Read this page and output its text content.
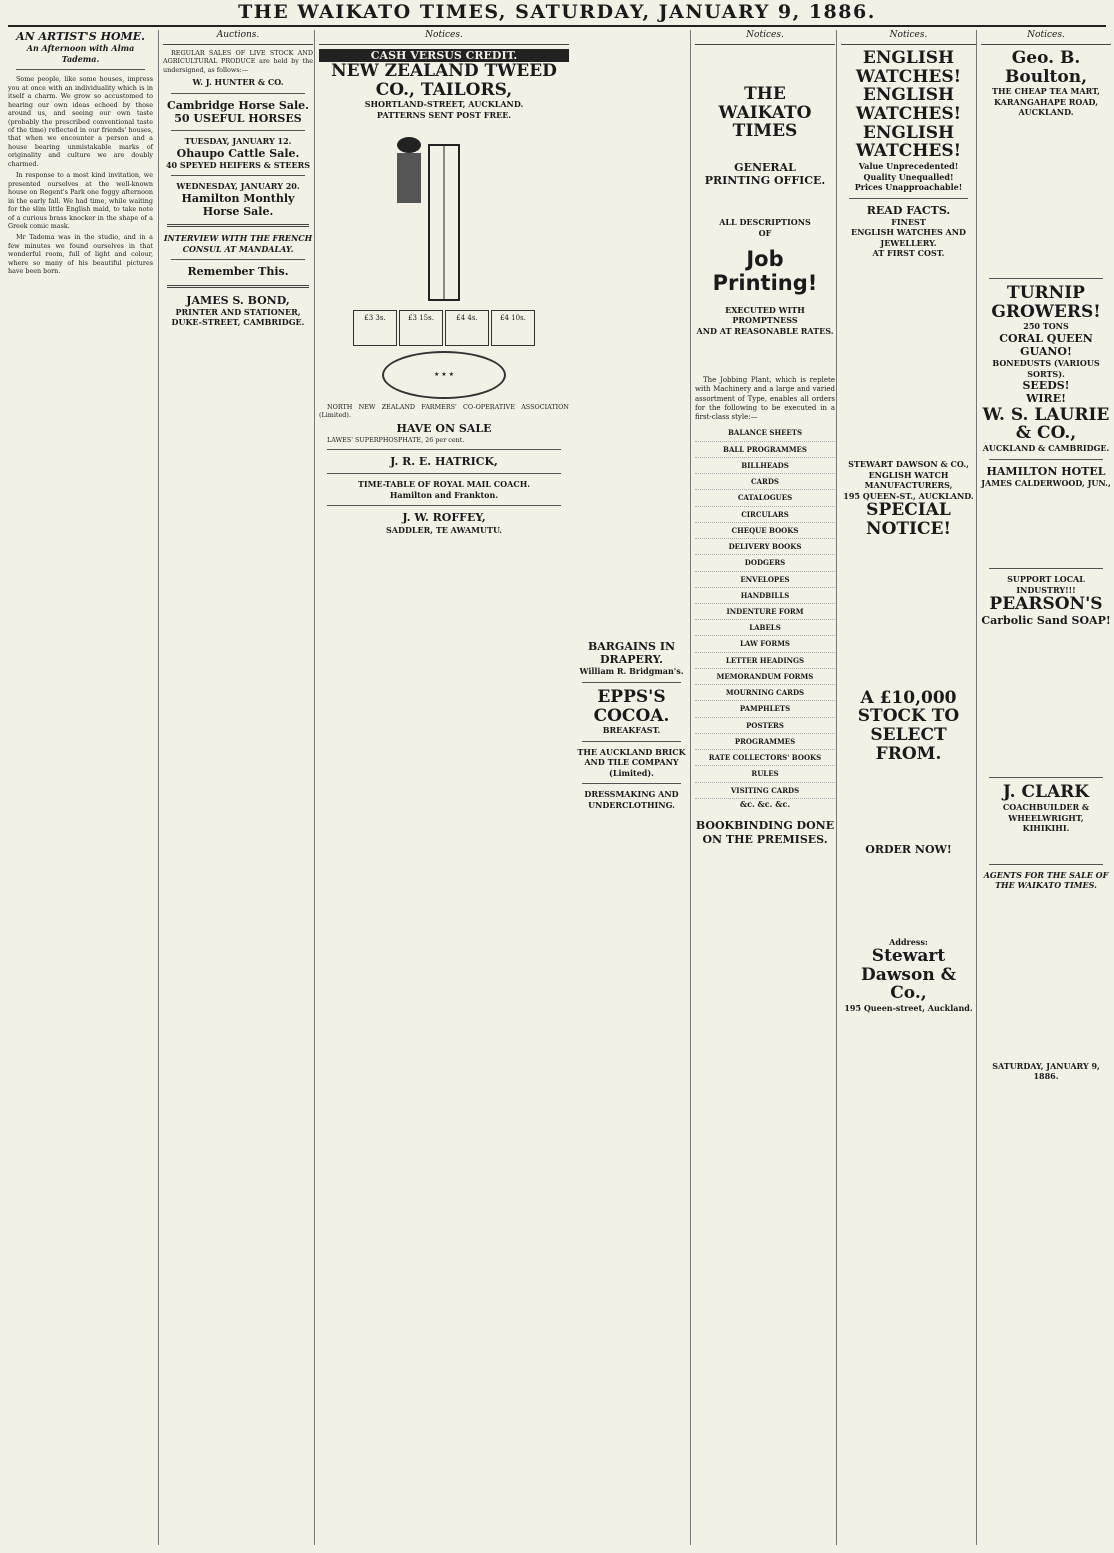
THE WAIKATO TIMES, SATURDAY, JANUARY 9, 1886.
AN ARTIST'S HOME.
An Afternoon with Alma Tadema.

Some people, like some houses, impress you at once with an individuality which is in itself a charm. We grow so accustomed to hearing our own ideas echoed by those around us, and seeing our own taste (probably the prescribed conventional taste of the time) reflected in our friends' houses, that when we encounter a person and a house bearing unmistakable marks of originality and culture we are doubly charmed.

In response to a most kind invitation, we presented ourselves at the well-known house on Regent's Park one foggy afternoon in the early fall. We had time, while waiting for the slim little English maid, to take note of a curious brass knocker in the shape of a Greek comic mask.

Mr Tadema was in the studio, and in a few minutes we found ourselves in that wonderful room, full of light and colour, where so many of his beautiful pictures have been born.

Auctions.

REGULAR SALES OF LIVE STOCK AND AGRICULTURAL PRODUCE are held by the undersigned, as follows:—

W. J. HUNTER & CO.
Cambridge Horse Sale.
50 USEFUL HORSES
TUESDAY, JANUARY 12.
Ohaupo Cattle Sale.
40 SPEYED HEIFERS & STEERS
WEDNESDAY, JANUARY 20.
Hamilton Monthly Horse Sale.
INTERVIEW WITH THE FRENCH CONSUL AT MANDALAY.
Remember This.
JAMES S. BOND,
PRINTER AND STATIONER,
DUKE-STREET, CAMBRIDGE.
Notices.
CASH VERSUS CREDIT.
NEW ZEALAND TWEED CO., TAILORS,
SHORTLAND-STREET, AUCKLAND.
PATTERNS SENT POST FREE.
£3 3s.	£3 15s.	£4 4s.	£4 10s.
★ ★ ★

NORTH NEW ZEALAND FARMERS' CO-OPERATIVE ASSOCIATION (Limited).

HAVE ON SALE

LAWES' SUPERPHOSPHATE, 26 per cent.

J. R. E. HATRICK,
TIME-TABLE OF ROYAL MAIL COACH.
Hamilton and Frankton.
J. W. ROFFEY,
SADDLER, TE AWAMUTU.
BARGAINS IN DRAPERY.
William R. Bridgman's.
EPPS'S COCOA.
BREAKFAST.
THE AUCKLAND BRICK AND TILE COMPANY (Limited).
DRESSMAKING AND UNDERCLOTHING.
Notices.
THE WAIKATO TIMES
GENERAL
PRINTING OFFICE.
ALL DESCRIPTIONS
OF
Job Printing!
EXECUTED WITH PROMPTNESS
AND AT REASONABLE RATES.

The Jobbing Plant, which is replete with Machinery and a large and varied assortment of Type, enables all orders for the following to be executed in a first-class style:—

BALANCE SHEETS
BALL PROGRAMMES
BILLHEADS
CARDS
CATALOGUES
CIRCULARS
CHEQUE BOOKS
DELIVERY BOOKS
DODGERS
ENVELOPES
HANDBILLS
INDENTURE FORM
LABELS
LAW FORMS
LETTER HEADINGS
MEMORANDUM FORMS
MOURNING CARDS
PAMPHLETS
POSTERS
PROGRAMMES
RATE COLLECTORS' BOOKS
RULES
VISITING CARDS
&c. &c. &c.
BOOKBINDING DONE ON THE PREMISES.
Notices.
ENGLISH WATCHES!
ENGLISH WATCHES!
ENGLISH WATCHES!
Value Unprecedented!
Quality Unequalled!
Prices Unapproachable!
READ FACTS.
FINEST
ENGLISH WATCHES AND JEWELLERY.
AT FIRST COST.
STEWART DAWSON & CO.,
ENGLISH WATCH MANUFACTURERS,
195 QUEEN-ST., AUCKLAND.
SPECIAL NOTICE!
A £10,000 STOCK TO SELECT FROM.
ORDER NOW!
Address:
Stewart Dawson & Co.,
195 Queen-street, Auckland.
Notices.
Geo. B. Boulton,
THE CHEAP TEA MART,
KARANGAHAPE ROAD, AUCKLAND.
TURNIP GROWERS!
250 TONS
CORAL QUEEN GUANO!
BONEDUSTS (VARIOUS SORTS).
SEEDS!
WIRE!
W. S. LAURIE & CO.,
AUCKLAND & CAMBRIDGE.
HAMILTON HOTEL
JAMES CALDERWOOD, JUN.,
SUPPORT LOCAL INDUSTRY!!!
PEARSON'S
Carbolic Sand SOAP!
J. CLARK
COACHBUILDER & WHEELWRIGHT,
KIHIKIHI.
AGENTS FOR THE SALE OF THE WAIKATO TIMES.
SATURDAY, JANUARY 9, 1886.
